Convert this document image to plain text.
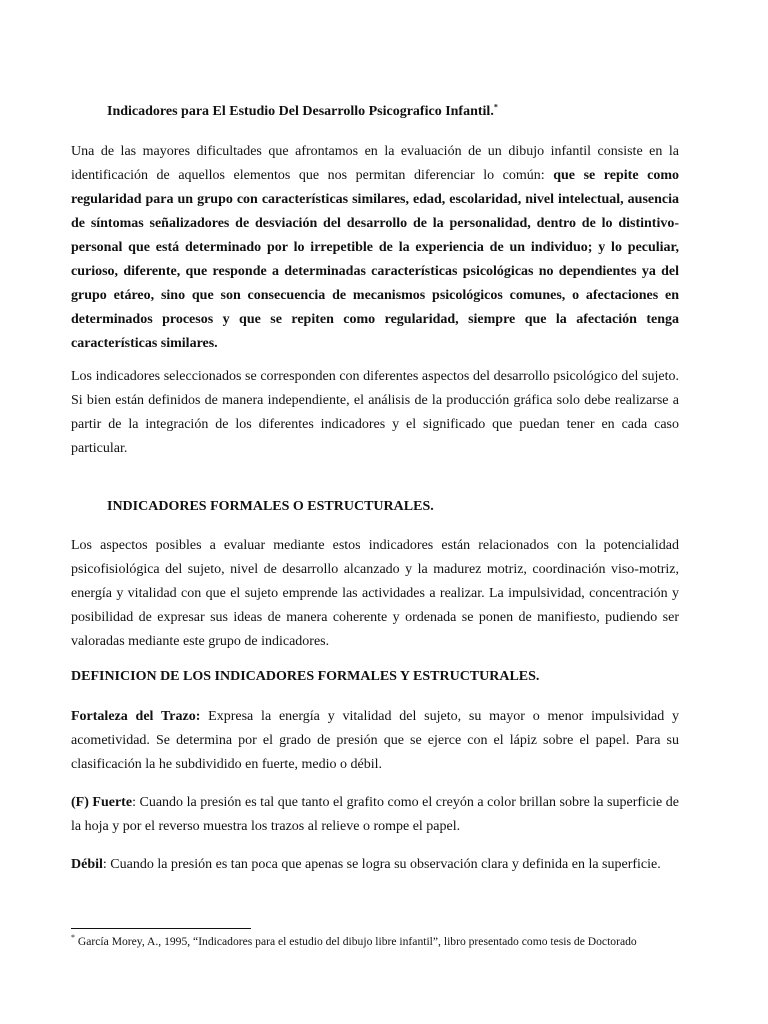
Indicadores para El Estudio Del Desarrollo Psicografico Infantil.*
Una de las mayores dificultades que afrontamos en la evaluación de un dibujo infantil consiste en la identificación de aquellos elementos que nos permitan diferenciar lo común: que se repite como regularidad para un grupo con características similares, edad, escolaridad, nivel intelectual, ausencia de síntomas señalizadores de desviación del desarrollo de la personalidad, dentro de lo distintivo-personal que está determinado por lo irrepetible de la experiencia de un individuo; y lo peculiar, curioso, diferente, que responde a determinadas características psicológicas no dependientes ya del grupo etáreo, sino que son consecuencia de mecanismos psicológicos comunes, o afectaciones en determinados procesos y que se repiten como regularidad, siempre que la afectación tenga características similares.
Los indicadores seleccionados se corresponden con diferentes aspectos del desarrollo psicológico del sujeto. Si bien están definidos de manera independiente, el análisis de la producción gráfica solo debe realizarse a partir de la integración de los diferentes indicadores y el significado que puedan tener en cada caso particular.
INDICADORES FORMALES O ESTRUCTURALES.
Los aspectos posibles a evaluar mediante estos indicadores están relacionados con la potencialidad psicofisiológica del sujeto, nivel de desarrollo alcanzado y la madurez motriz, coordinación viso-motriz, energía y vitalidad con que el sujeto emprende las actividades a realizar. La impulsividad, concentración y posibilidad de expresar sus ideas de manera coherente y ordenada se ponen de manifiesto, pudiendo ser valoradas mediante este grupo de indicadores.
DEFINICION DE LOS INDICADORES FORMALES Y ESTRUCTURALES.
Fortaleza del Trazo: Expresa la energía y vitalidad del sujeto, su mayor o menor impulsividad y acometividad. Se determina por el grado de presión que se ejerce con el lápiz sobre el papel. Para su clasificación la he subdividido en fuerte, medio o débil.
(F) Fuerte: Cuando la presión es tal que tanto el grafito como el creyón a color brillan sobre la superficie de la hoja y por el reverso muestra los trazos al relieve o rompe el papel.
Débil: Cuando la presión es tan poca que apenas se logra su observación clara y definida en la superficie.
* García Morey, A., 1995, “Indicadores para el estudio del dibujo libre infantil”, libro presentado como tesis de Doctorado
